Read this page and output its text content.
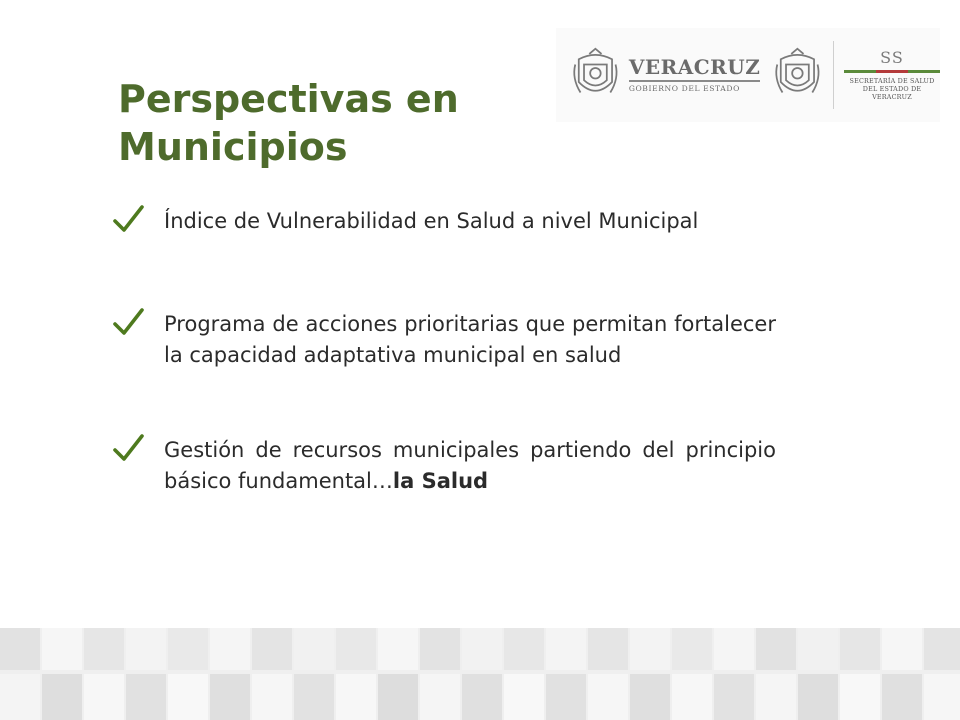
VERACRUZ
GOBIERNO DEL ESTADO
SS
SECRETARÍA DE SALUD
DEL ESTADO DE VERACRUZ
Perspectivas en Municipios

Índice de Vulnerabilidad en Salud a nivel Municipal

Programa de acciones prioritarias que permitan fortalecer la capacidad adaptativa municipal en salud

Gestión de recursos municipales partiendo del principio básico fundamental…la Salud
